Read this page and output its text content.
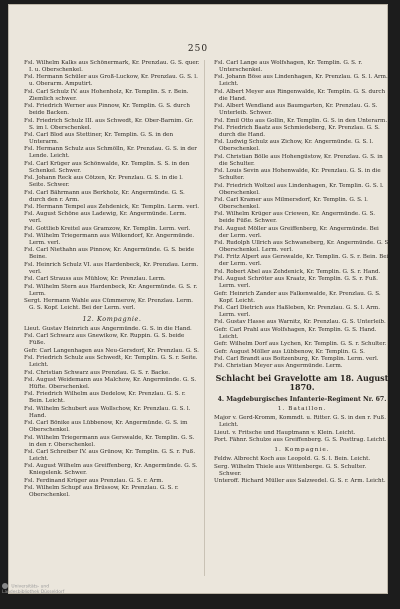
250

Fsl. Wilhelm Kalks aus Schönermark, Kr. Prenzlau. G. S. quer. I. u. Oberschenkel.

Fsl. Hermann Schüler aus Groß-Luckow, Kr. Prenzlau. G. S. l. u. Oberarm. Amputirt.

Fsl. Carl Schulz IV. aus Hohenholz, Kr. Templin. S. r. Bein. Ziemlich schwer.

Fsl. Friedrich Werner aus Pinnow, Kr. Templin. G. S. durch beide Backen.

Fsl. Friedrich Schulz III. aus Schwedt, Kr. Ober-Barnim. Gr. S. im l. Oberschenkel.

Fsl. Carl Blod aus Stettiner, Kr. Templin. G. S. in den Unterarm.

Fsl. Hermann Schulz aus Schmölln, Kr. Prenzlau. G. S. in der Lende. Leicht.

Fsl. Carl Krüger aus Schönwalde, Kr. Templin. S. S. in den Schenkel. Schwer.

Fsl. Johann Reck aus Cötzen, Kr. Prenzlau. G. S. in die l. Seite. Schwer.

Fsl. Carl Bährmann aus Berkholz, Kr. Angermünde. G. S. durch den r. Arm.

Fsl. Hermann Tempel aus Zehdenick, Kr. Templin. Lerm. verl.

Fsl. August Schöne aus Ladewig, Kr. Angermünde. Lerm. verl.

Fsl. Gottlieb Kreitel aus Gramzow, Kr. Templin. Lerm. verl.

Fsl. Wilhelm Triegermann aus Wilkendorf, Kr. Angermünde. Lerm. verl.

Fsl. Carl Niethahn aus Pinnow, Kr. Angermünde. G. S. beide Beine.

Fsl. Heinrich Schulz VI. aus Hardenbeck, Kr. Prenzlau. Lerm. verl.

Fsl. Carl Strauss aus Mühlow, Kr. Prenzlau. Lerm.

Fsl. Wilhelm Stern aus Hardenbeck, Kr. Angermünde. G. S. r. Lerm.

Sergt. Hermann Wahle aus Cümmerow, Kr. Prenzlau. Lerm. G. S. Kopf. Leicht. Bei der Lerm. verl.

12. Kompagnie.

Lieut. Gustav Heinrich aus Angermünde. G. S. in die Hand.

Fsl. Carl Schwarz aus Gnewikow, Kr. Ruppin. G. S. beide Füße.

Gefr. Carl Langenhagen aus Neu-Gersdorf, Kr. Prenzlau. G. S.

Fsl. Friedrich Schulz aus Schwedt, Kr. Templin. G. S. r. Seite. Leicht.

Fsl. Christian Schwarz aus Prenzlau. G. S. r. Backe.

Fsl. August Weidemann aus Malchow, Kr. Angermünde. G. S. Hüfte. Oberschenkel.

Fsl. Friedrich Wilhelm aus Dedelow, Kr. Prenzlau. G. S. r. Bein. Leicht.

Fsl. Wilhelm Schubert aus Wollschow, Kr. Prenzlau. G. S. l. Hand.

Fsl. Carl Bönike aus Lübbenow, Kr. Angermünde. G. S. im Oberschenkel.

Fsl. Wilhelm Triegermann aus Gerswalde, Kr. Templin. G. S. in den r. Oberschenkel.

Fsl. Carl Schreiber IV. aus Grünow, Kr. Templin. G. S. r. Fuß. Leicht.

Fsl. August Wilhelm aus Greiffenberg, Kr. Angermünde. G. S. Kniegelenk. Schwer.

Fsl. Ferdinand Krüger aus Prenzlau. G. S. r. Arm.

Fsl. Wilhelm Schupf aus Brüssow, Kr. Prenzlau. G. S. r. Oberschenkel.

Fsl. Carl Lange aus Wolfshagen, Kr. Templin. G. S. r. Unterschenkel.

Fsl. Johann Böse aus Lindenhagen, Kr. Prenzlau. G. S. l. Arm. Leicht.

Fsl. Albert Meyer aus Ringenwalde, Kr. Templin. G. S. durch die Hand.

Fsl. Albert Wendland aus Baumgarten, Kr. Prenzlau. G. S. Unterleib. Schwer.

Fsl. Emil Otto aus Gollin, Kr. Templin. G. S. in den Unterarm.

Fsl. Friedrich Baatz aus Schmiedeberg, Kr. Prenzlau. G. S. durch die Hand.

Fsl. Ludwig Schulz aus Zichow, Kr. Angermünde. G. S. l. Oberschenkel.

Fsl. Christian Bölle aus Hohengüstow, Kr. Prenzlau. G. S. in die Schulter.

Fsl. Louis Sevin aus Hohenwalde, Kr. Prenzlau. G. S. in die Schulter.

Fsl. Friedrich Woltzel aus Lindenhagen, Kr. Templin. G. S. l. Oberschenkel.

Fsl. Carl Kramer aus Milmersdorf, Kr. Templin. G. S. l. Oberschenkel.

Fsl. Wilhelm Krüger aus Criewen, Kr. Angermünde. G. S. beide Füße. Schwer.

Fsl. August Möller aus Greiffenberg, Kr. Angermünde. Bei der Lerm. verl.

Fsl. Rudolph Ullrich aus Schwaneberg, Kr. Angermünde. G. S. Oberschenkel. Lerm. verl.

Fsl. Fritz Alpert aus Gerswalde, Kr. Templin. G. S. r. Bein. Bei der Lerm. verl.

Fsl. Robert Abel aus Zehdenick, Kr. Templin. G. S. r. Hand.

Fsl. August Schröter aus Kraatz, Kr. Templin. G. S. r. Fuß. Lerm. verl.

Gefr. Heinrich Zander aus Falkenwalde, Kr. Prenzlau. G. S. Kopf. Leicht.

Fsl. Carl Dietrich aus Haßleben, Kr. Prenzlau. G. S. l. Arm. Lerm. verl.

Fsl. Gustav Hasse aus Warnitz, Kr. Prenzlau. G. S. Unterleib.

Gefr. Carl Prahl aus Wolfshagen, Kr. Templin. G. S. Hand. Leicht.

Gefr. Wilhelm Dorf aus Lychen, Kr. Templin. G. S. r. Schulter.

Gefr. August Möller aus Lübbenow, Kr. Templin. G. S.

Fsl. Carl Brandt aus Boitzenburg, Kr. Templin. Lerm. verl.

Fsl. Christian Meyer aus Angermünde. Lerm.

Schlacht bei Gravelotte am 18. August 1870.
4. Magdeburgisches Infanterie-Regiment Nr. 67.
1. Bataillon.

Major v. Gerd-Kromm, Kommdt. u. Ritter. G. S. in den r. Fuß. Leicht.

Lieut. v. Fritsche und Hauptmann v. Klein. Leicht.

Port. Fähnr. Schulze aus Greiffenberg. G. S. Posttrag. Leicht.

1. Kompagnie.

Feldw. Albrecht Koch aus Leopold. G. S. l. Bein. Leicht.

Serg. Wilhelm Thiele aus Wittenberge. G. S. Schulter. Schwer.

Unteroff. Richard Müller aus Salzwedel. G. S. r. Arm. Leicht.

Universitäts- und
Landesbibliothek Düsseldorf
